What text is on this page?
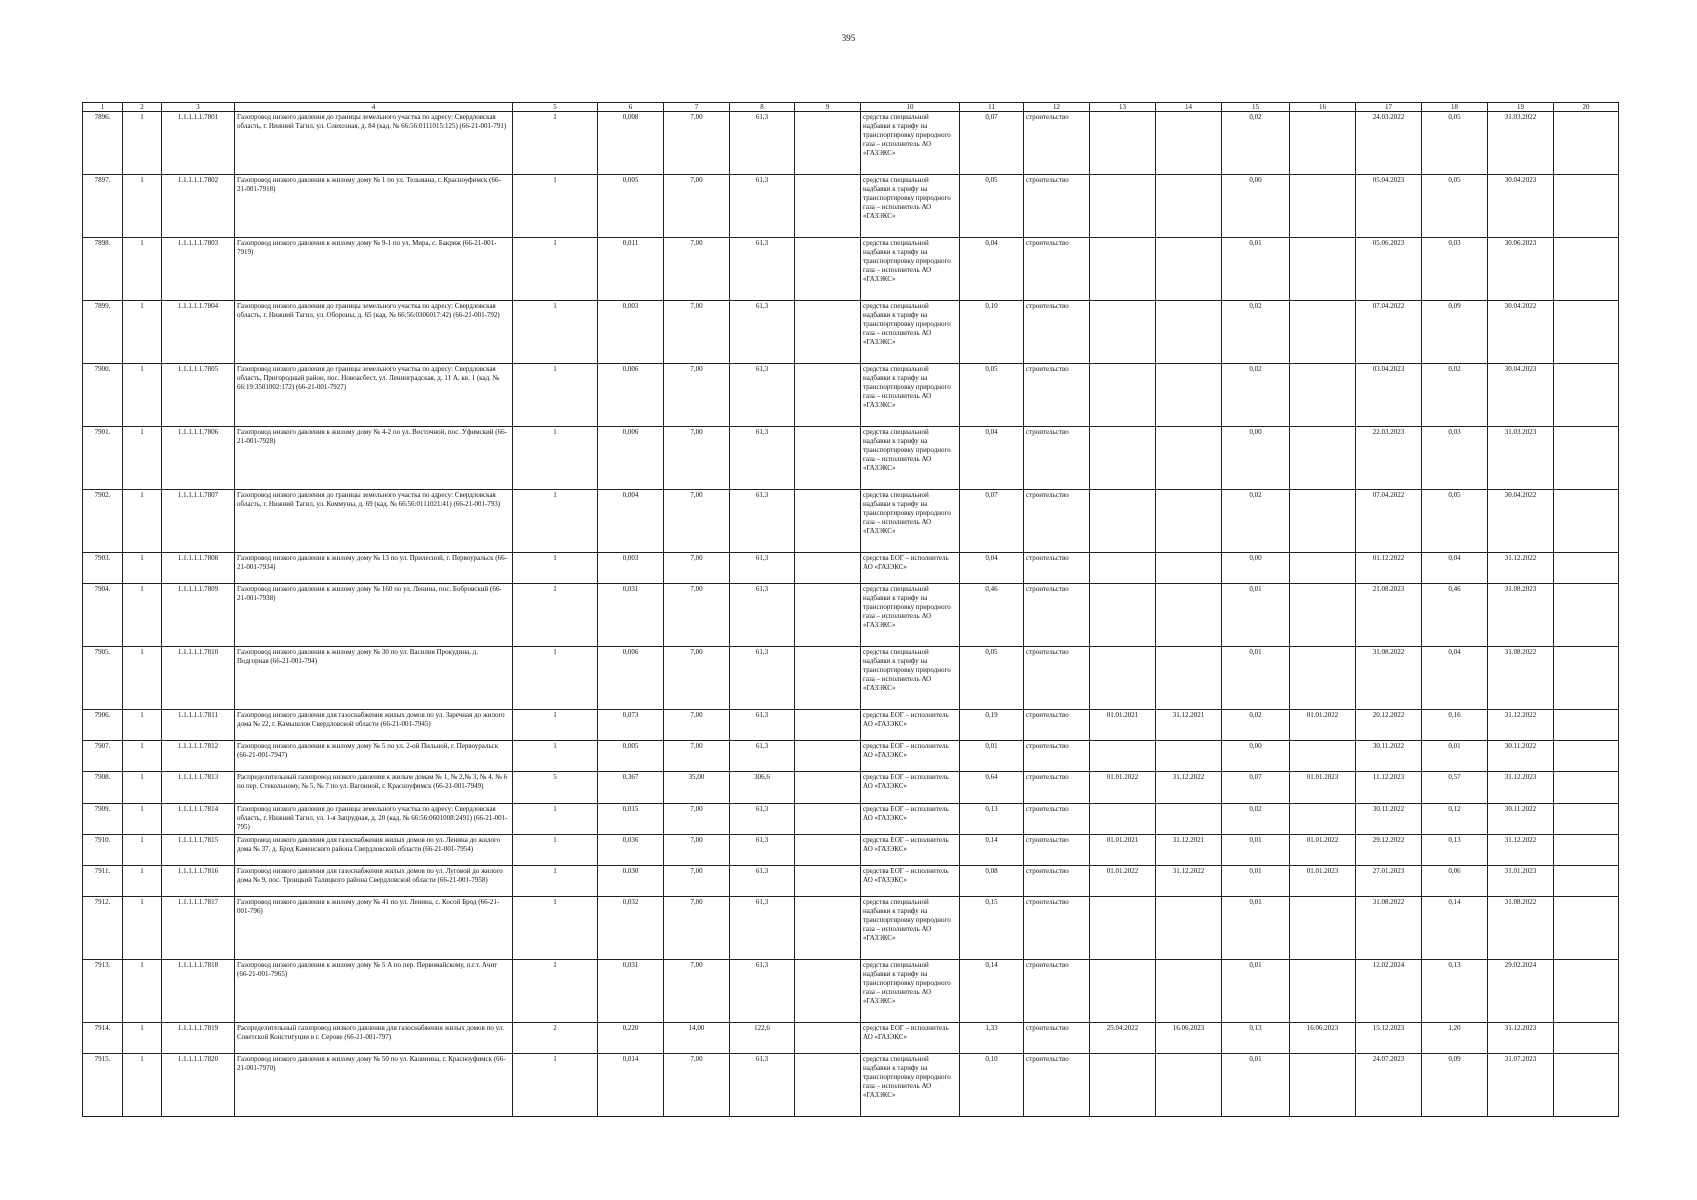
395
1	2	3	4	5	6	7	8	9	10	11	12	13	14	15	16	17	18	19	20
7896.	1	1.1.1.1.1.7801	Газопровод низкого давления до границы земельного участка по адресу: Свердловская область, г. Нижний Тагил, ул. Совхозная, д. 84 (кад. № 66:56:0111015:125) (66-21-001-791)	1	0,008	7,00	61,3		средства специальной надбавки к тарифу на транспортировку природного газа – исполнитель АО «ГАЗЭКС»	0,07	строительство			0,02		24.03.2022	0,05	31.03.2022	
7897.	1	1.1.1.1.1.7802	Газопровод низкого давления к жилому дому № 1 по ул. Тельмана, г. Красноуфимск (66-21-001-7918)	1	0,005	7,00	61,3		средства специальной надбавки к тарифу на транспортировку природного газа – исполнитель АО «ГАЗЭКС»	0,05	строительство			0,00		05.04.2023	0,05	30.04.2023	
7898.	1	1.1.1.1.1.7803	Газопровод низкого давления к жилому дому № 9-1 по ул. Мира, с. Бакряж (66-21-001-7919)	1	0,011	7,00	61,3		средства специальной надбавки к тарифу на транспортировку природного газа – исполнитель АО «ГАЗЭКС»	0,04	строительство			0,01		05.06.2023	0,03	30.06.2023	
7899.	1	1.1.1.1.1.7804	Газопровод низкого давления до границы земельного участка по адресу: Свердловская область, г. Нижний Тагил, ул. Обороны, д. 65 (кад. № 66:56:0306017:42) (66-21-001-792)	1	0,003	7,00	61,3		средства специальной надбавки к тарифу на транспортировку природного газа – исполнитель АО «ГАЗЭКС»	0,10	строительство			0,02		07.04.2022	0,09	30.04.2022	
7900.	1	1.1.1.1.1.7805	Газопровод низкого давления до границы земельного участка по адресу: Свердловская область, Пригородный район, пос. Новоасбест, ул. Ленинградская, д. 11 А, кв. 1 (кад. № 66:19:3501002:172) (66-21-001-7927)	1	0,006	7,00	61,3		средства специальной надбавки к тарифу на транспортировку природного газа – исполнитель АО «ГАЗЭКС»	0,05	строительство			0,02		03.04.2023	0,02	30.04.2023	
7901.	1	1.1.1.1.1.7806	Газопровод низкого давления к жилому дому № 4-2 по ул. Восточной, пос. Уфимский (66-21-001-7928)	1	0,006	7,00	61,3		средства специальной надбавки к тарифу на транспортировку природного газа – исполнитель АО «ГАЗЭКС»	0,04	строительство			0,00		22.03.2023	0,03	31.03.2023	
7902.	1	1.1.1.1.1.7807	Газопровод низкого давления до границы земельного участка по адресу: Свердловская область, г. Нижний Тагил, ул. Коммуны, д. 69 (кад. № 66:56:0111021:41) (66-21-001-793)	1	0,004	7,00	61,3		средства специальной надбавки к тарифу на транспортировку природного газа – исполнитель АО «ГАЗЭКС»	0,07	строительство			0,02		07.04.2022	0,05	30.04.2022	
7903.	1	1.1.1.1.1.7808	Газопровод низкого давления к жилому дому № 13 по ул. Прилесной, г. Первоуральск (66-21-001-7934)	1	0,003	7,00	61,3		средства ЕОГ – исполнитель АО «ГАЗЭКС»	0,04	строительство			0,00		01.12.2022	0,04	31.12.2022	
7904.	1	1.1.1.1.1.7809	Газопровод низкого давления к жилому дому № 160 по ул. Ленина, пос. Бобровский (66-21-001-7938)	1	0,031	7,00	61,3		средства специальной надбавки к тарифу на транспортировку природного газа – исполнитель АО «ГАЗЭКС»	0,46	строительство			0,01		21.08.2023	0,46	31.08.2023	
7905.	1	1.1.1.1.1.7810	Газопровод низкого давления к жилому дому № 30 по ул. Василия Прокудина, д. Подгорная (66-21-001-794)	1	0,006	7,00	61,3		средства специальной надбавки к тарифу на транспортировку природного газа – исполнитель АО «ГАЗЭКС»	0,05	строительство			0,01		31.08.2022	0,04	31.08.2022	
7906.	1	1.1.1.1.1.7811	Газопровод низкого давления для газоснабжения жилых домов по ул. Заречная до жилого дома № 22, г. Камышлов Свердловской области (66-21-001-7945)	1	0,073	7,00	61,3		средства ЕОГ – исполнитель АО «ГАЗЭКС»	0,19	строительство	01.01.2021	31.12.2021	0,02	01.01.2022	20.12.2022	0,16	31.12.2022	
7907.	1	1.1.1.1.1.7812	Газопровод низкого давления к жилому дому № 5 по ул. 2-ой Пильной, г. Первоуральск (66-21-001-7947)	1	0,005	7,00	61,3		средства ЕОГ – исполнитель АО «ГАЗЭКС»	0,01	строительство			0,00		30.11.2022	0,01	30.11.2022	
7908.	1	1.1.1.1.1.7813	Распределительный газопровод низкого давления к жилым домам № 1, № 2,№ 3, № 4, № 6 по пер. Стекольному, № 5, № 7 по ул. Вагонной, г. Красноуфимск (66-21-001-7949)	5	0,367	35,00	306,6		средства ЕОГ – исполнитель АО «ГАЗЭКС»	0,64	строительство	01.01.2022	31.12.2022	0,07	01.01.2023	11.12.2023	0,57	31.12.2023	
7909.	1	1.1.1.1.1.7814	Газопровод низкого давления до границы земельного участка по адресу: Свердловская область, г. Нижний Тагил, ул. 1-я Запрудная, д. 20 (кад. № 66:56:0601008:2491) (66-21-001-795)	1	0,015	7,00	61,3		средства ЕОГ – исполнитель АО «ГАЗЭКС»	0,13	строительство			0,02		30.11.2022	0,12	30.11.2022	
7910.	1	1.1.1.1.1.7815	Газопровод низкого давления для газоснабжения жилых домов по ул. Ленина до жилого дома № 37, д. Брод Каменского района Свердловской области (66-21-001-7954)	1	0,036	7,00	61,3		средства ЕОГ – исполнитель АО «ГАЗЭКС»	0,14	строительство	01.01.2021	31.12.2021	0,01	01.01.2022	29.12.2022	0,13	31.12.2022	
7911.	1	1.1.1.1.1.7816	Газопровод низкого давления для газоснабжения жилых домов по ул. Луговой до жилого дома № 9, пос. Троицкий Талицкого района Свердловской области (66-21-001-7958)	1	0,030	7,00	61,3		средства ЕОГ – исполнитель АО «ГАЗЭКС»	0,08	строительство	01.01.2022	31.12.2022	0,01	01.01.2023	27.01.2023	0,06	31.01.2023	
7912.	1	1.1.1.1.1.7817	Газопровод низкого давления к жилому дому № 41 по ул. Ленина, с. Косой Брод (66-21-001-796)	1	0,032	7,00	61,3		средства специальной надбавки к тарифу на транспортировку природного газа – исполнитель АО «ГАЗЭКС»	0,15	строительство			0,01		31.08.2022	0,14	31.08.2022	
7913.	1	1.1.1.1.1.7818	Газопровод низкого давления к жилому дому № 5 А по пер. Первомайскому, п.г.т. Ачит (66-21-001-7965)	1	0,031	7,00	61,3		средства специальной надбавки к тарифу на транспортировку природного газа – исполнитель АО «ГАЗЭКС»	0,14	строительство			0,01		12.02.2024	0,13	29.02.2024	
7914.	1	1.1.1.1.1.7819	Распределительный газопровод низкого давления для газоснабжения жилых домов по ул. Советской Конституции в г. Серове (66-21-001-797)	2	0,220	14,00	122,6		средства ЕОГ – исполнитель АО «ГАЗЭКС»	1,33	строительство	25.04.2022	16.06.2023	0,13	16.06.2023	15.12.2023	1,20	31.12.2023	
7915.	1	1.1.1.1.1.7820	Газопровод низкого давления к жилому дому № 50 по ул. Калинина, г. Красноуфимск (66-21-001-7970)	1	0,014	7,00	61,3		средства специальной надбавки к тарифу на транспортировку природного газа – исполнитель АО «ГАЗЭКС»	0,10	строительство			0,01		24.07.2023	0,09	31.07.2023	
